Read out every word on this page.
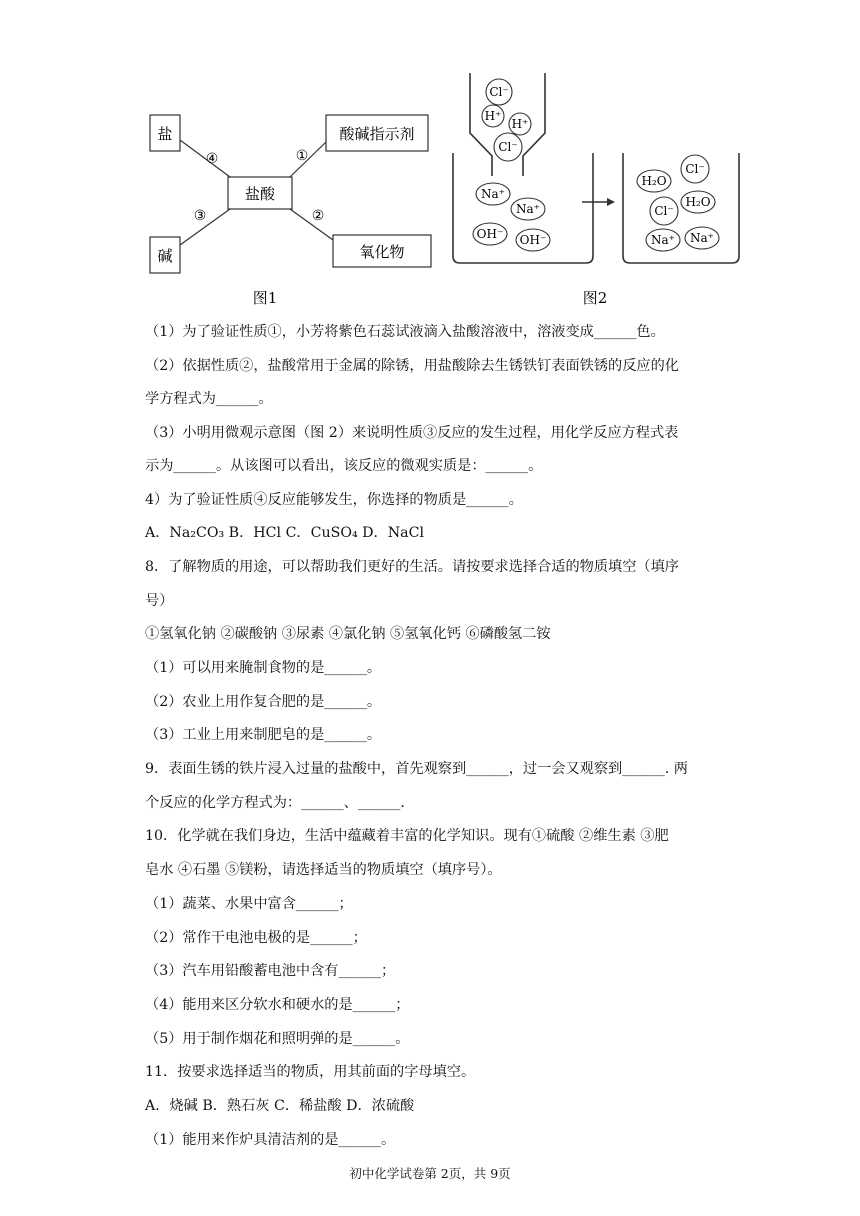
盐	酸碱指示剂
盐酸
碱	氧化物
①
②
③
④
图1
Cl⁻
H⁺
H⁺
Cl⁻
Na⁺
Na⁺
OH⁻ OH⁻
H₂O
Cl⁻
Cl⁻
H₂O
Na⁺ Na⁺
图2
（1）为了验证性质①，小芳将紫色石蕊试液滴入盐酸溶液中，溶液变成______色。
（2）依据性质②，盐酸常用于金属的除锈，用盐酸除去生锈铁钉表面铁锈的反应的化
学方程式为______。
（3）小明用微观示意图（图 2）来说明性质③反应的发生过程，用化学反应方程式表
示为______。从该图可以看出，该反应的微观实质是：______。
4）为了验证性质④反应能够发生，你选择的物质是______。
A．Na₂CO₃ B．HCl C．CuSO₄ D．NaCl
8．了解物质的用途，可以帮助我们更好的生活。请按要求选择合适的物质填空（填序
号）
①氢氧化钠 ②碳酸钠 ③尿素 ④氯化钠 ⑤氢氧化钙 ⑥磷酸氢二铵
（1）可以用来腌制食物的是______。
（2）农业上用作复合肥的是______。
（3）工业上用来制肥皂的是______。
9．表面生锈的铁片浸入过量的盐酸中，首先观察到______，过一会又观察到______. 两
个反应的化学方程式为：______、______.
10．化学就在我们身边，生活中蕴藏着丰富的化学知识。现有①硫酸 ②维生素 ③肥
皂水 ④石墨 ⑤镁粉，请选择适当的物质填空（填序号）。
（1）蔬菜、水果中富含______；
（2）常作干电池电极的是______；
（3）汽车用铅酸蓄电池中含有______；
（4）能用来区分软水和硬水的是______；
（5）用于制作烟花和照明弹的是______。
11．按要求选择适当的物质，用其前面的字母填空。
A．烧碱 B．熟石灰 C．稀盐酸 D．浓硫酸
（1）能用来作炉具清洁剂的是______。
初中化学试卷第 2页，共 9页
